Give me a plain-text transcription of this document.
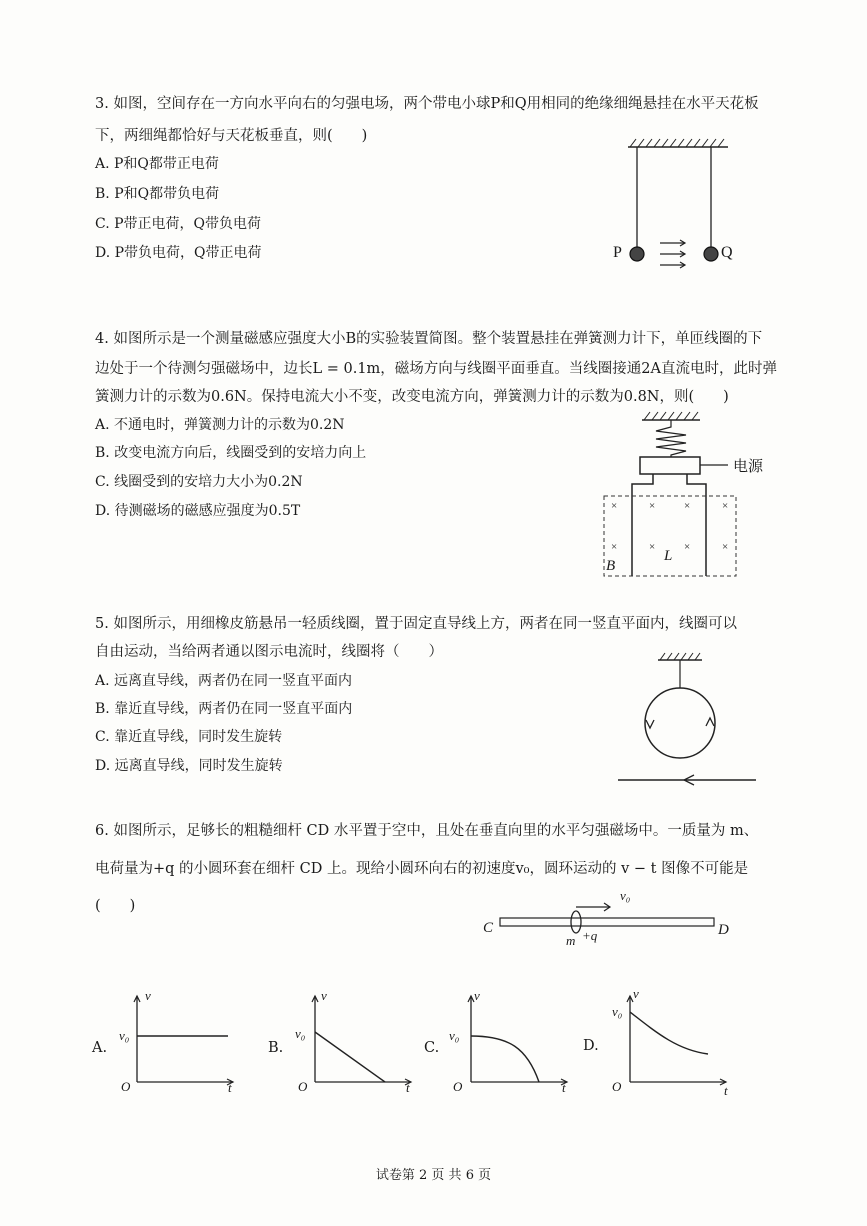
3. 如图，空间存在一方向水平向右的匀强电场，两个带电小球P和Q用相同的绝缘细绳悬挂在水平天花板
下，两细绳都恰好与天花板垂直，则(　　)
A. P和Q都带正电荷
B. P和Q都带负电荷
C. P带正电荷，Q带负电荷
D. P带负电荷，Q带正电荷	P	Q
4. 如图所示是一个测量磁感应强度大小B的实验装置简图。整个装置悬挂在弹簧测力计下，单匝线圈的下
边处于一个待测匀强磁场中，边长L = 0.1m，磁场方向与线圈平面垂直。当线圈接通2A直流电时，此时弹
簧测力计的示数为0.6N。保持电流大小不变，改变电流方向，弹簧测力计的示数为0.8N，则(　　)
A. 不通电时，弹簧测力计的示数为0.2N
B. 改变电流方向后，线圈受到的安培力向上
C. 线圈受到的安培力大小为0.2N
D. 待测磁场的磁感应强度为0.5T
电源
×	×	×	×
×	×	×	×
B
L
5. 如图所示，用细橡皮筋悬吊一轻质线圈，置于固定直导线上方，两者在同一竖直平面内，线圈可以
自由运动，当给两者通以图示电流时，线圈将（　　）
A. 远离直导线，两者仍在同一竖直平面内
B. 靠近直导线，两者仍在同一竖直平面内
C. 靠近直导线，同时发生旋转
D. 远离直导线，同时发生旋转
6. 如图所示，足够长的粗糙细杆 CD 水平置于空中，且处在垂直向里的水平匀强磁场中。一质量为 m、
电荷量为+q 的小圆环套在细杆 CD 上。现给小圆环向右的初速度v₀，圆环运动的 v − t 图像不可能是
(　　)
C	D
m +q
v₀
A.
v
t
O
v₀
B.
v
t
O
v₀
C.
v
t
O
v₀
D.
v
t
O
v₀
试卷第 2 页 共 6 页
